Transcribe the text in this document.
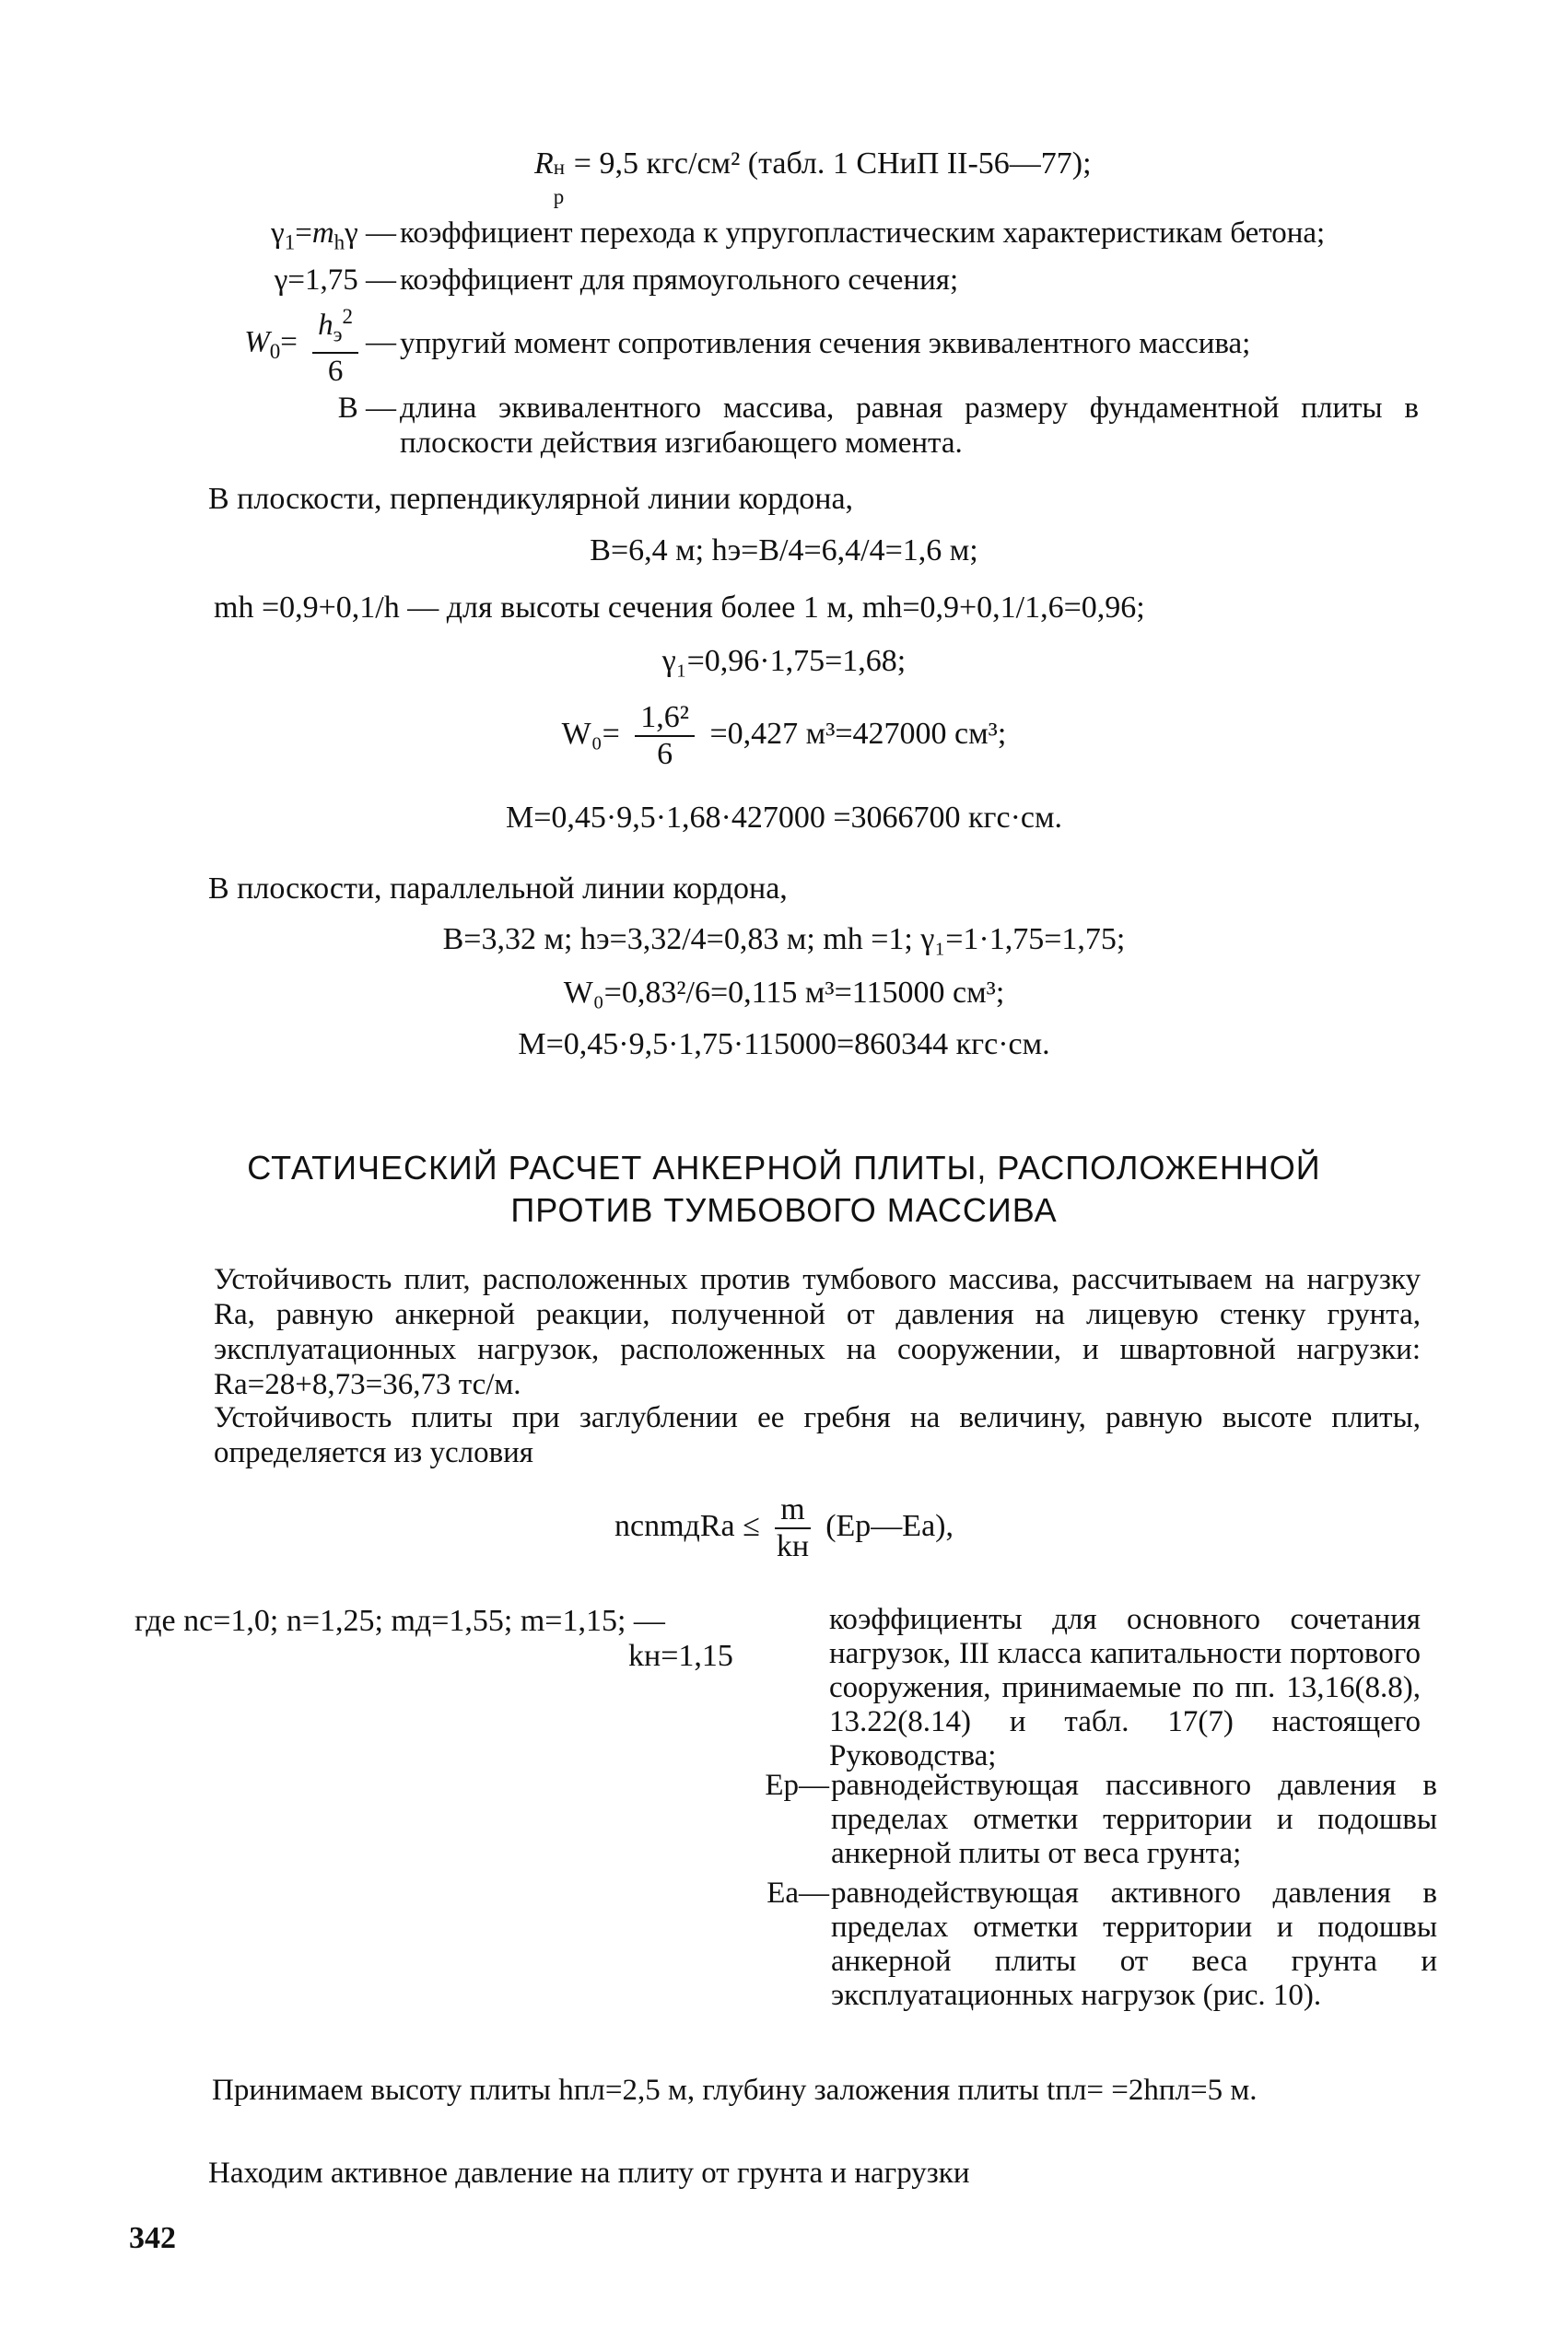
R н
р
= 9,5 кгс/см² (табл. 1 СНиП II-56—77);
$\gamma_1=m_h\gamma$ — коэффициент перехода к упругопластическим характеристикам бетона;
γ=1,75 — коэффициент для прямоугольного сечения;
$W_0= \frac{h_э^2}{6}$ — упругий момент сопротивления сечения эквивалентного массива;
B — длина эквивалентного массива, равная размеру фундаментной плиты в плоскости действия изгибающего момента.
В плоскости, перпендикулярной линии кордона,
B=6,4 м; hэ=B/4=6,4/4=1,6 м;
mh =0,9+0,1/h — для высоты сечения более 1 м, mh=0,9+0,1/1,6=0,96;
γ₁=0,96·1,75=1,68;
$W_0= \frac{\text{1,6²}}{6} =0,427$ м³=427000 см³;
M=0,45·9,5·1,68·427000 =3066700 кгс·см.
В плоскости, параллельной линии кордона,
B=3,32 м; hэ=3,32/4=0,83 м; mh =1; γ₁=1·1,75=1,75;
W₀=0,83²/6=0,115 м³=115000 см³;
M=0,45·9,5·1,75·115000=860344 кгс·см.
СТАТИЧЕСКИЙ РАСЧЕТ АНКЕРНОЙ ПЛИТЫ, РАСПОЛОЖЕННОЙ
ПРОТИВ ТУМБОВОГО МАССИВА
Устойчивость плит, расположенных против тумбового массива, рассчитываем на нагрузку Rа, равную анкерной реакции, полученной от давления на лицевую стенку грунта, эксплуатационных нагрузок, расположенных на сооружении, и швартовной нагрузки: Rа=28+8,73=36,73 тс/м.
Устойчивость плиты при заглублении ее гребня на величину, равную высоте плиты, определяется из условия
ncnmдRа ≤ $\frac{m}{kн}$ (Ep—Ea),
где nc=1,0; n=1,25; mд=1,55; m=1,15; —
kн=1,15
коэффициенты для основного сочетания нагрузок, III класса капитальности портового сооружения, принимаемые по пп. 13,16(8.8), 13.22(8.14) и табл. 17(7) настоящего Руководства;
Ep— равнодействующая пассивного давления в пределах отметки территории и подошвы анкерной плиты от веса грунта;
Ea— равнодействующая активного давления в пределах отметки территории и подошвы анкерной плиты от веса грунта и эксплуатационных нагрузок (рис. 10).
Принимаем высоту плиты hпл=2,5 м, глубину заложения плиты tпл= =2hпл=5 м.
Находим активное давление на плиту от грунта и нагрузки
342
